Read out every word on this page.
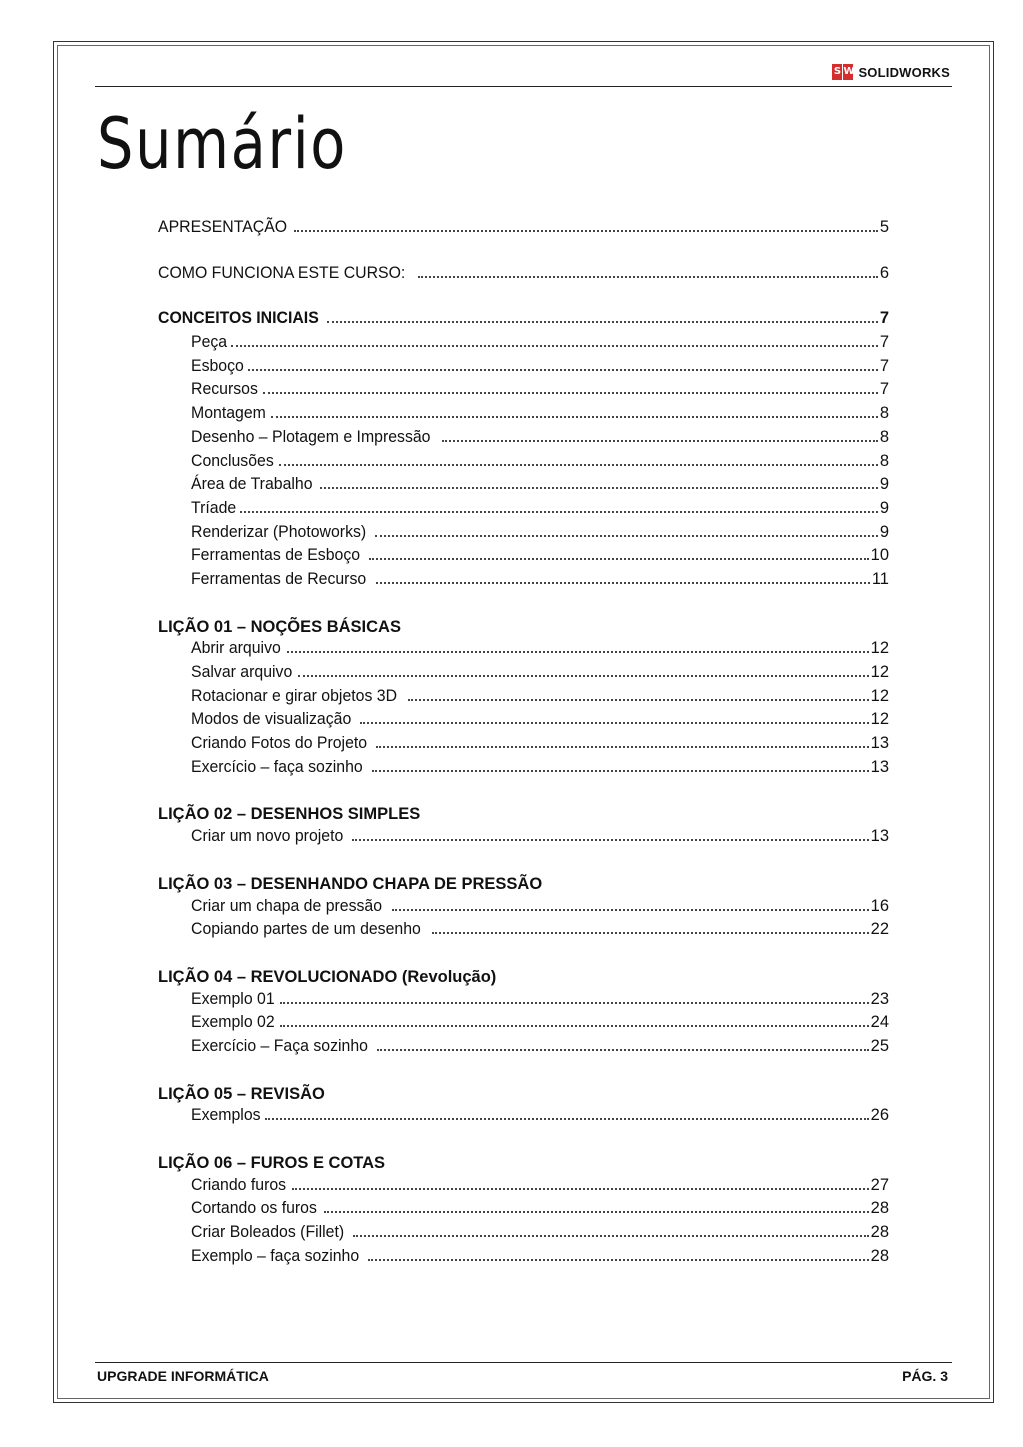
S W SOLIDWORKS
Sumário
APRESENTAÇÃO	5
COMO FUNCIONA ESTE CURSO:	6
CONCEITOS INICIAIS	7
Peça	7
Esboço	7
Recursos	7
Montagem	8
Desenho – Plotagem e Impressão	8
Conclusões	8
Área de Trabalho	9
Tríade	9
Renderizar (Photoworks)	9
Ferramentas de Esboço	10
Ferramentas de Recurso	11
LIÇÃO 01 – NOÇÕES BÁSICAS
Abrir arquivo	12
Salvar arquivo	12
Rotacionar e girar objetos 3D	12
Modos de visualização	12
Criando Fotos do Projeto	13
Exercício – faça sozinho	13
LIÇÃO 02 – DESENHOS SIMPLES
Criar um novo projeto	13
LIÇÃO 03 – DESENHANDO CHAPA DE PRESSÃO
Criar um chapa de pressão	16
Copiando partes de um desenho	22
LIÇÃO 04 – REVOLUCIONADO (Revolução)
Exemplo 01	23
Exemplo 02	24
Exercício – Faça sozinho	25
LIÇÃO 05 – REVISÃO
Exemplos	26
LIÇÃO 06 – FUROS E COTAS
Criando furos	27
Cortando os furos	28
Criar Boleados (Fillet)	28
Exemplo – faça sozinho	28
UPGRADE INFORMÁTICA	PÁG. 3
